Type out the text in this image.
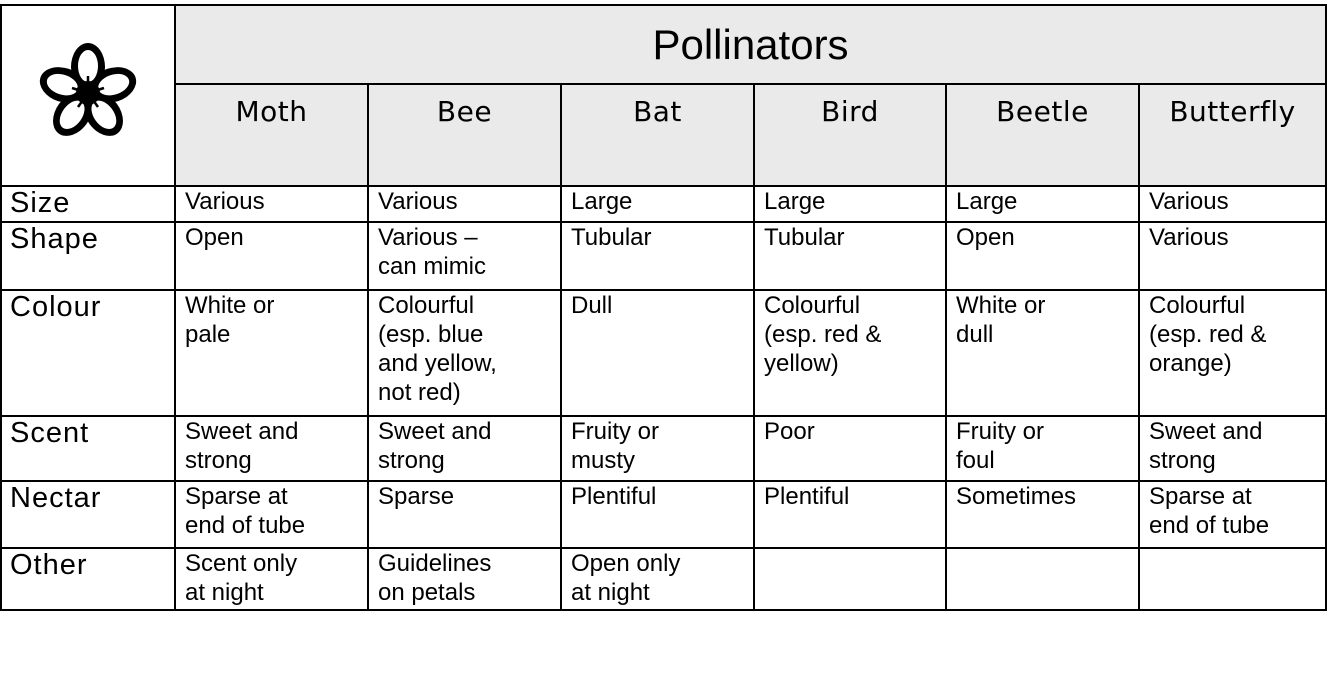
	Pollinators					
	Moth	Bee	Bat	Bird	Beetle	Butterfly
Size	Various	Various	Large	Large	Large	Various

Shape	Open	Various –
can mimic	Tubular	Tubular	Open	Various

Colour	White or
pale	Colourful
(esp. blue
and yellow,
not red)	Dull	Colourful
(esp. red &
yellow)	White or
dull	Colourful
(esp. red &
orange)

Scent	Sweet and
strong	Sweet and
strong	Fruity or
musty	Poor	Fruity or
foul	Sweet and
strong

Nectar	Sparse at
end of tube	Sparse	Plentiful	Plentiful	Sometimes	Sparse at
end of tube

Other	Scent only
at night	Guidelines
on petals	Open only
at night			
